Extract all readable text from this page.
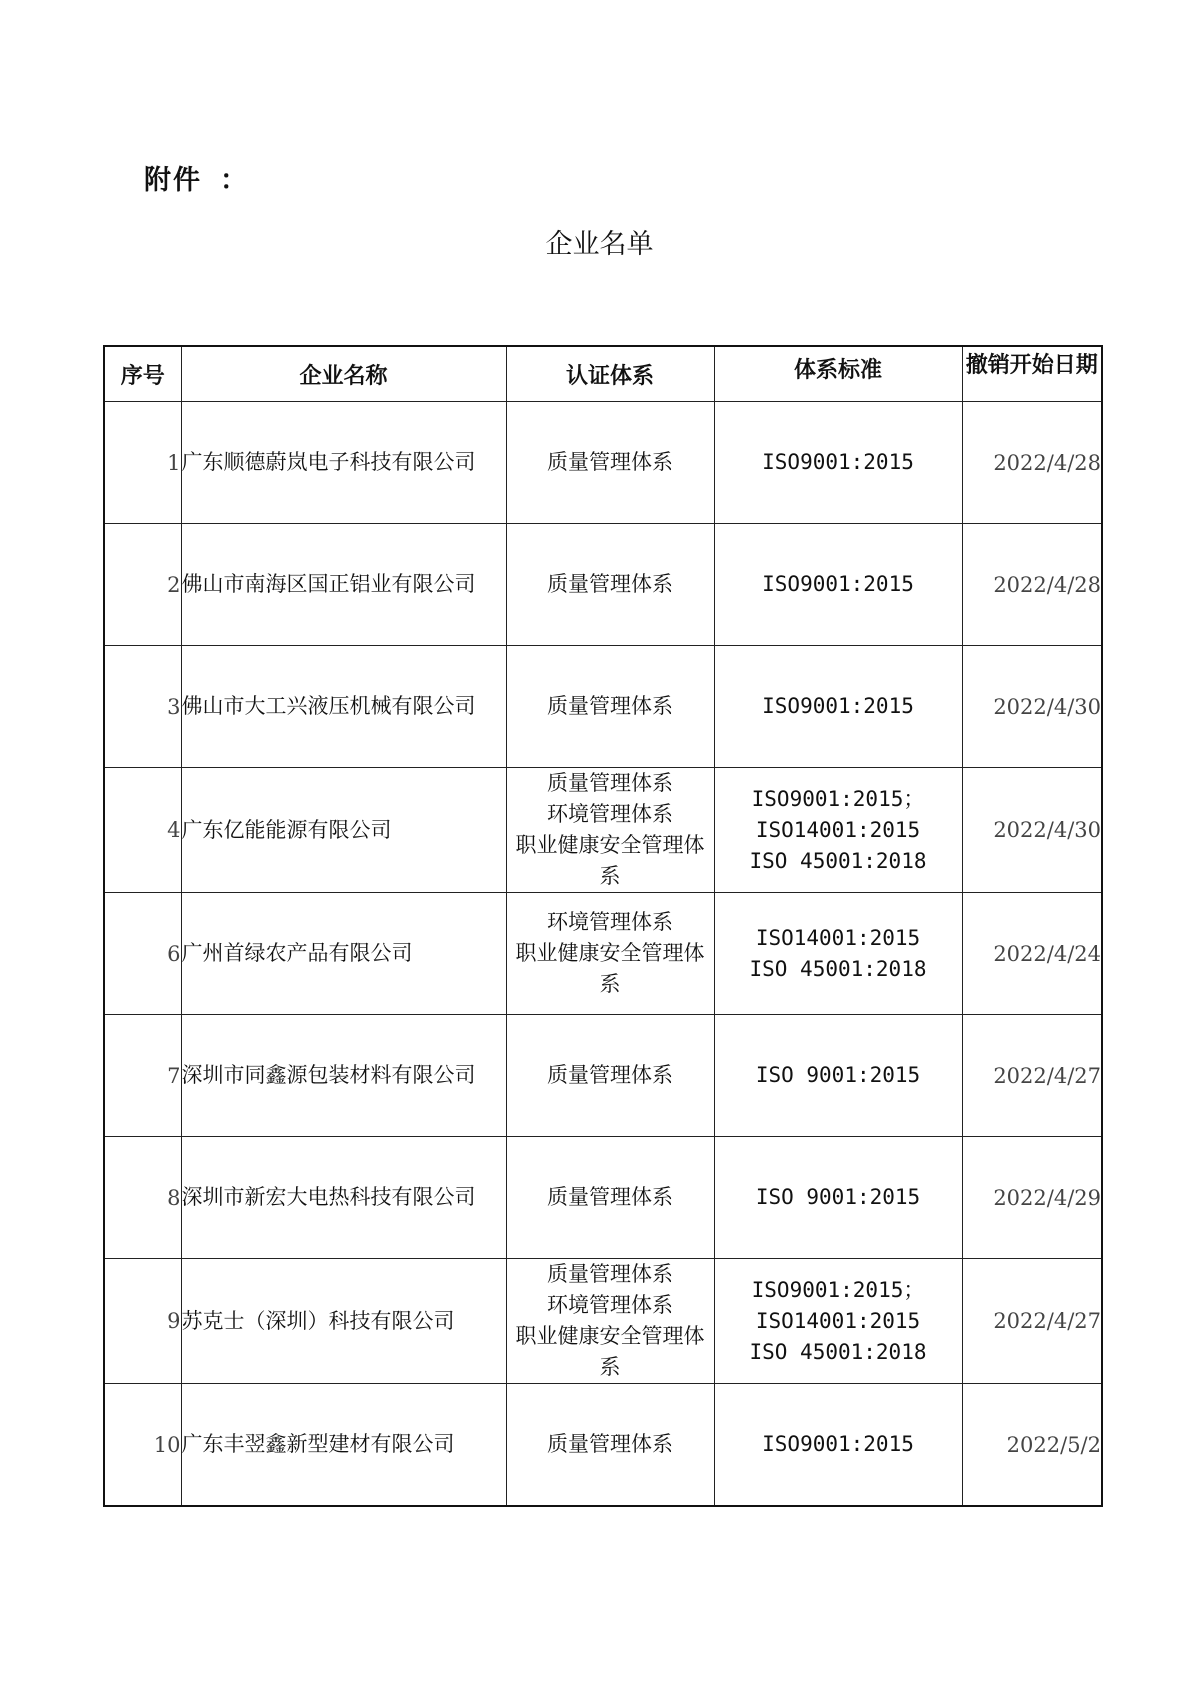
附件 ：
企业名单
序号	企业名称	认证体系	体系标准	撤销开始日期

1	广东顺德蔚岚电子科技有限公司	质量管理体系	ISO9001:2015	2022/4/28
2	佛山市南海区国正铝业有限公司	质量管理体系	ISO9001:2015	2022/4/28
3	佛山市大工兴液压机械有限公司	质量管理体系	ISO9001:2015	2022/4/30
4	广东亿能能源有限公司	质量管理体系
环境管理体系
职业健康安全管理体系	ISO9001:2015；
ISO14001:2015
ISO 45001:2018	2022/4/30
6	广州首绿农产品有限公司	环境管理体系
职业健康安全管理体系	ISO14001:2015
ISO 45001:2018	2022/4/24
7	深圳市同鑫源包装材料有限公司	质量管理体系	ISO 9001:2015	2022/4/27
8	深圳市新宏大电热科技有限公司	质量管理体系	ISO 9001:2015	2022/4/29
9	苏克士（深圳）科技有限公司	质量管理体系
环境管理体系
职业健康安全管理体系	ISO9001:2015；
ISO14001:2015
ISO 45001:2018	2022/4/27
10	广东丰翌鑫新型建材有限公司	质量管理体系	ISO9001:2015	2022/5/2
